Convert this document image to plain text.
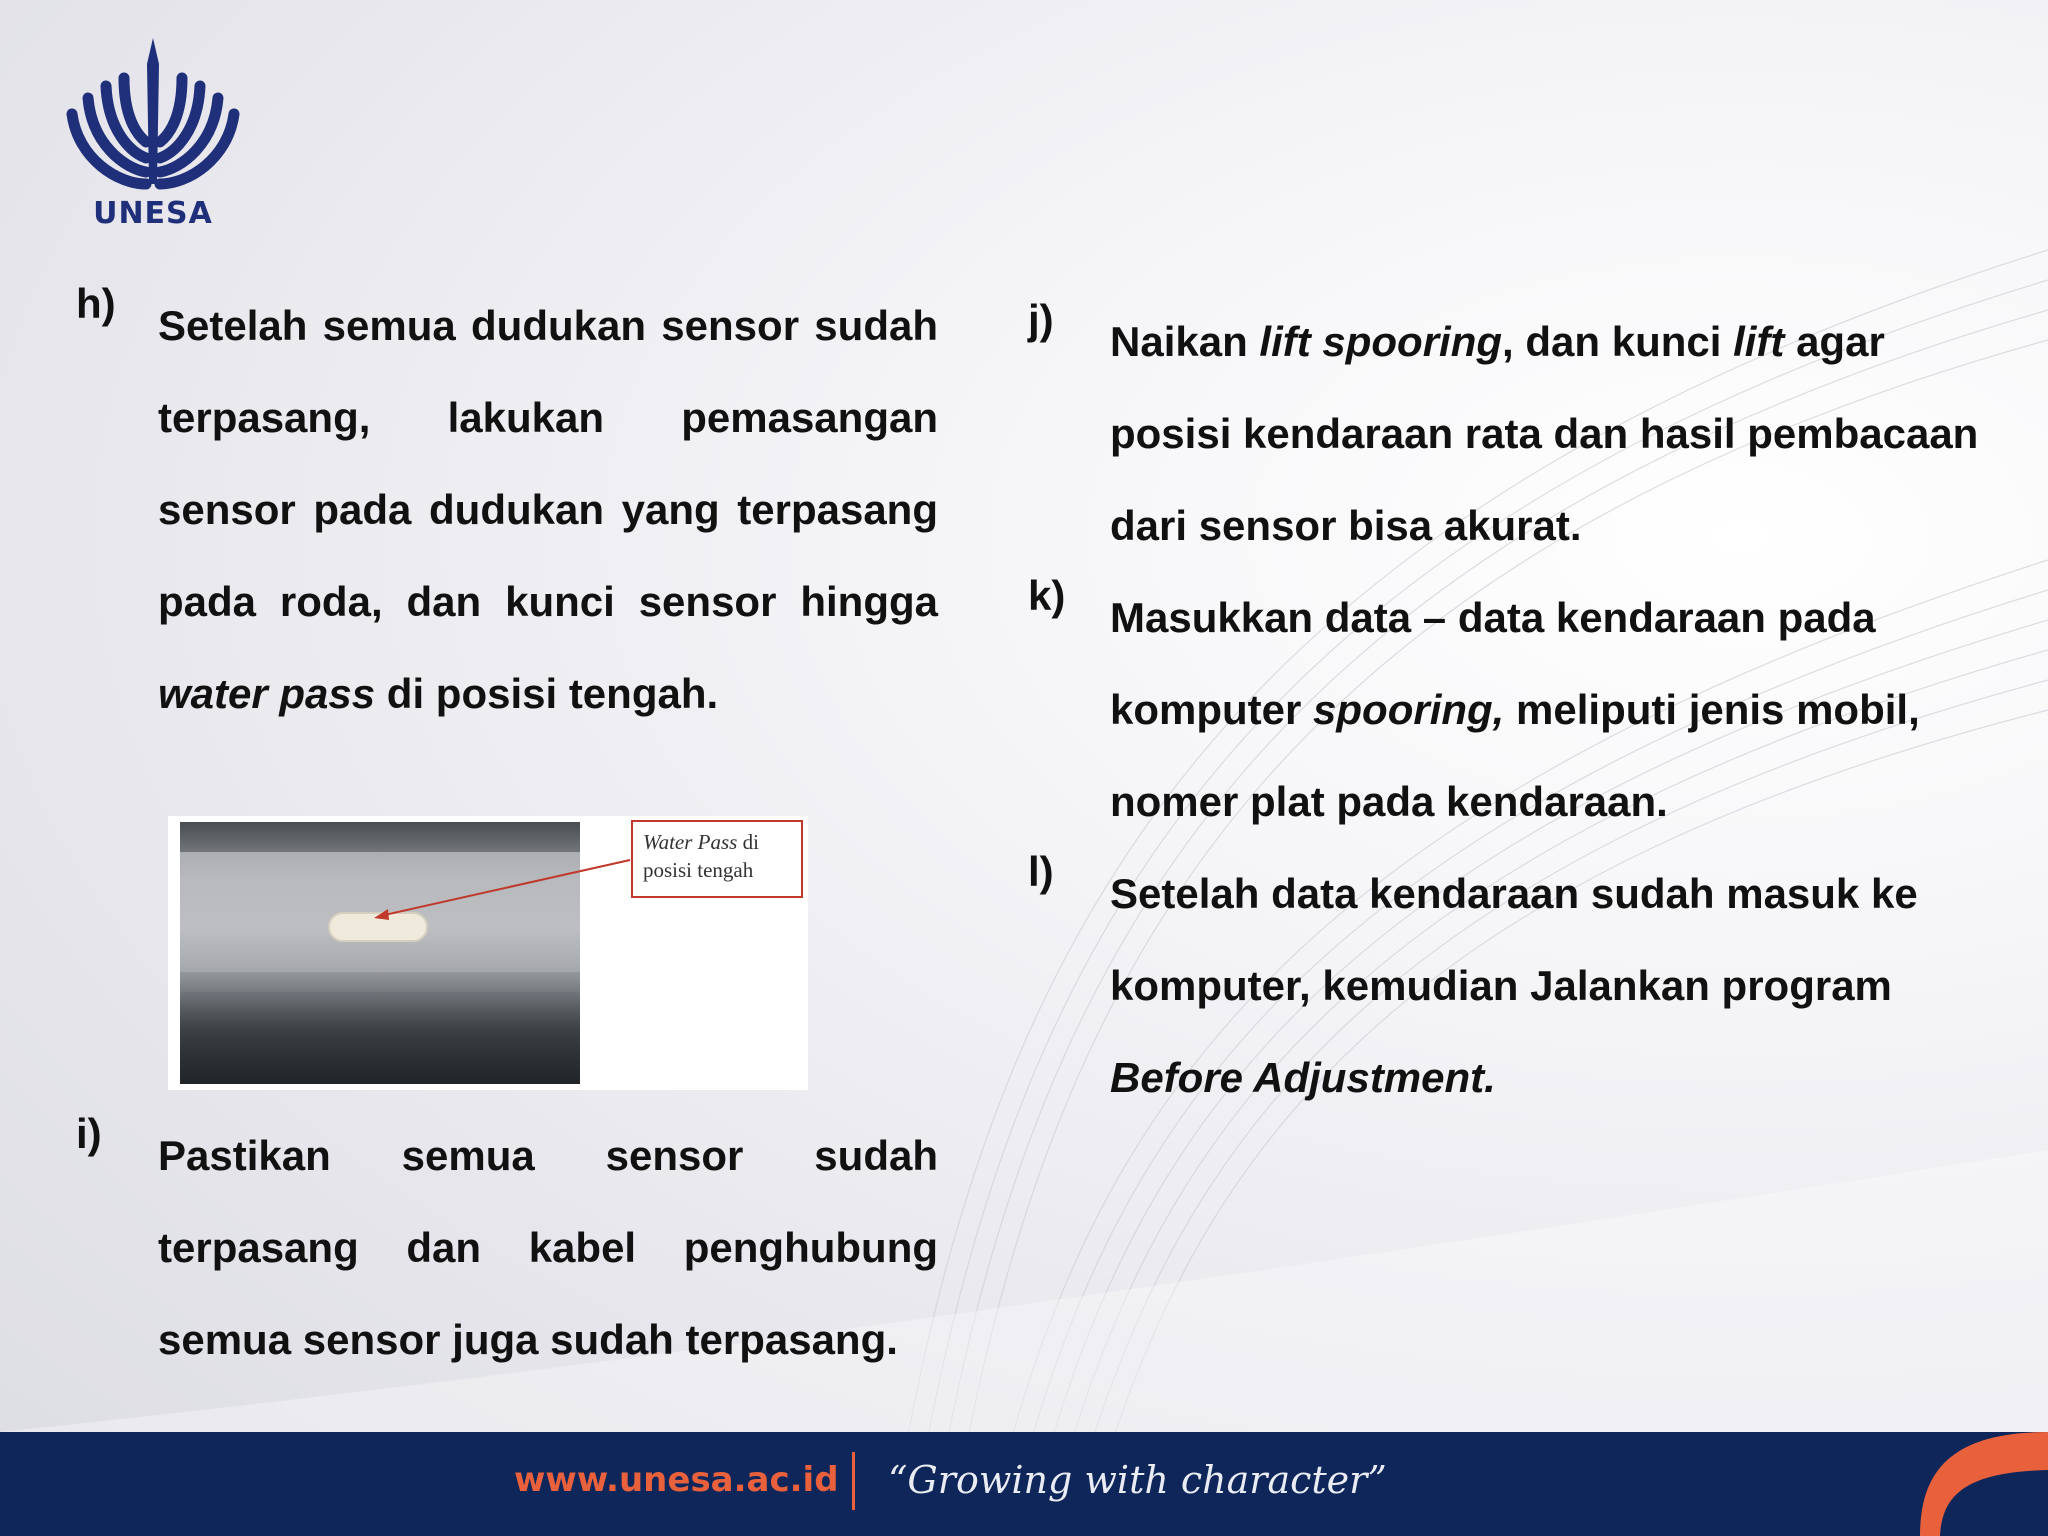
UNESA
h)	Setelah semua dudukan sensor sudah terpasang, lakukan pemasangan sensor pada dudukan yang terpasang pada roda, dan kunci sensor hingga water pass di posisi tengah.
i)	Pastikan semua sensor sudah terpasang dan kabel penghubung semua sensor juga sudah terpasang.
Water Pass di
posisi tengah
j)	Naikan lift spooring, dan kunci lift agar posisi kendaraan rata dan hasil pembacaan dari sensor bisa akurat.
k)	Masukkan data – data kendaraan pada komputer spooring, meliputi jenis mobil, nomer plat pada kendaraan.
l)	Setelah data kendaraan sudah masuk ke komputer, kemudian Jalankan program Before Adjustment.
www.unesa.ac.id “Growing with character”
